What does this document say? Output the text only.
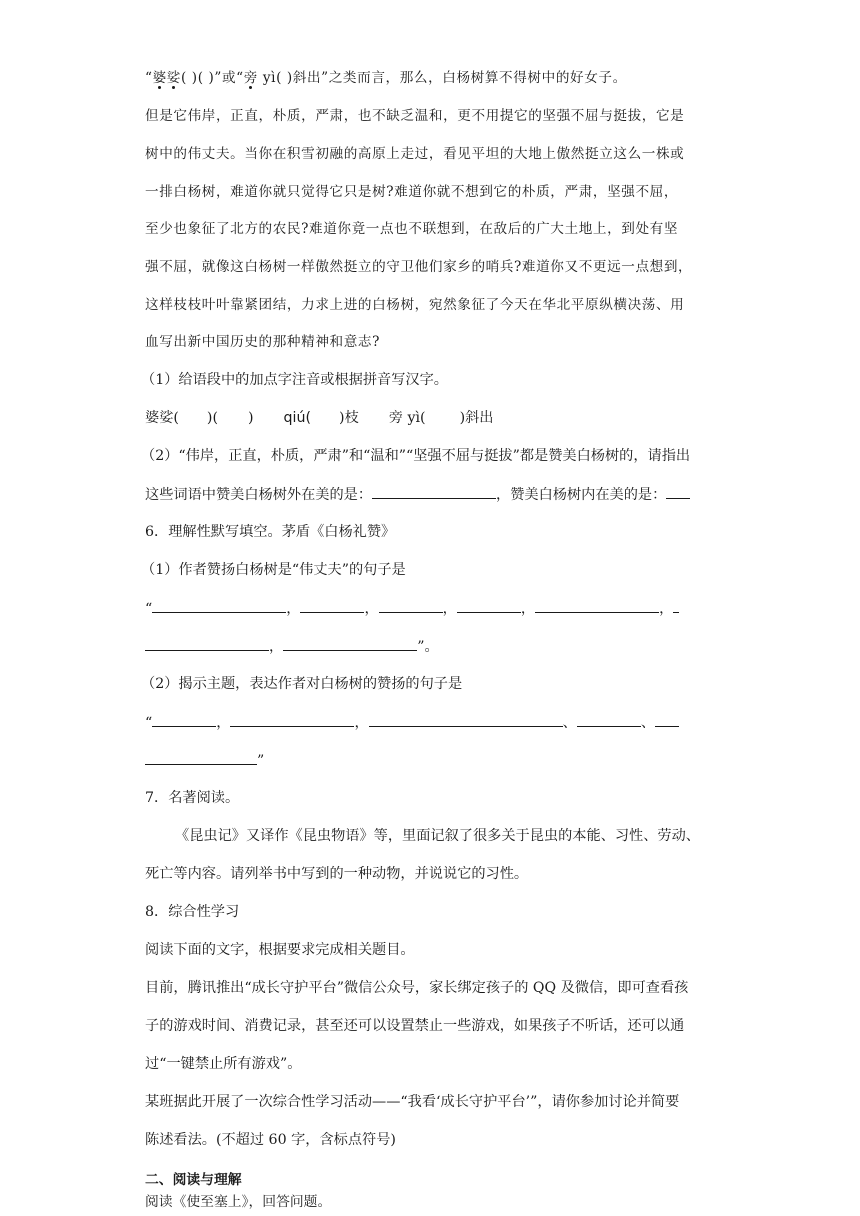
“婆娑( )( )”或“旁 yì( )斜出”之类而言，那么，白杨树算不得树中的好女子。
但是它伟岸，正直，朴质，严肃，也不缺乏温和，更不用提它的坚强不屈与挺拔，它是
树中的伟丈夫。当你在积雪初融的高原上走过，看见平坦的大地上傲然挺立这么一株或
一排白杨树，难道你就只觉得它只是树?难道你就不想到它的朴质，严肃，坚强不屈，
至少也象征了北方的农民?难道你竟一点也不联想到，在敌后的广大土地上，到处有坚
强不屈，就像这白杨树一样傲然挺立的守卫他们家乡的哨兵?难道你又不更远一点想到，
这样枝枝叶叶靠紧团结，力求上进的白杨树，宛然象征了今天在华北平原纵横决荡、用
血写出新中国历史的那种精神和意志?
（1）给语段中的加点字注音或根据拼音写汉字。
婆娑( )( ) qiú( )枝 旁 yì( )斜出
（2）“伟岸，正直，朴质，严肃”和“温和”“坚强不屈与挺拔”都是赞美白杨树的，请指出
这些词语中赞美白杨树外在美的是：	，赞美白杨树内在美的是：
6．理解性默写填空。茅盾《白杨礼赞》
（1）作者赞扬白杨树是“伟丈夫”的句子是
“	，	，	，	，	，
，	”。
（2）揭示主题，表达作者对白杨树的赞扬的句子是
“	，	，	、	、
”
7．名著阅读。
《昆虫记》又译作《昆虫物语》等，里面记叙了很多关于昆虫的本能、习性、劳动、
死亡等内容。请列举书中写到的一种动物，并说说它的习性。
8．综合性学习
阅读下面的文字，根据要求完成相关题目。
目前，腾讯推出“成长守护平台”微信公众号，家长绑定孩子的 QQ 及微信，即可查看孩
子的游戏时间、消费记录，甚至还可以设置禁止一些游戏，如果孩子不听话，还可以通
过“一键禁止所有游戏”。
某班据此开展了一次综合性学习活动——“我看‘成长守护平台’”，请你参加讨论并简要
陈述看法。(不超过 60 字，含标点符号)
二、阅读与理解
阅读《使至塞上》，回答问题。
